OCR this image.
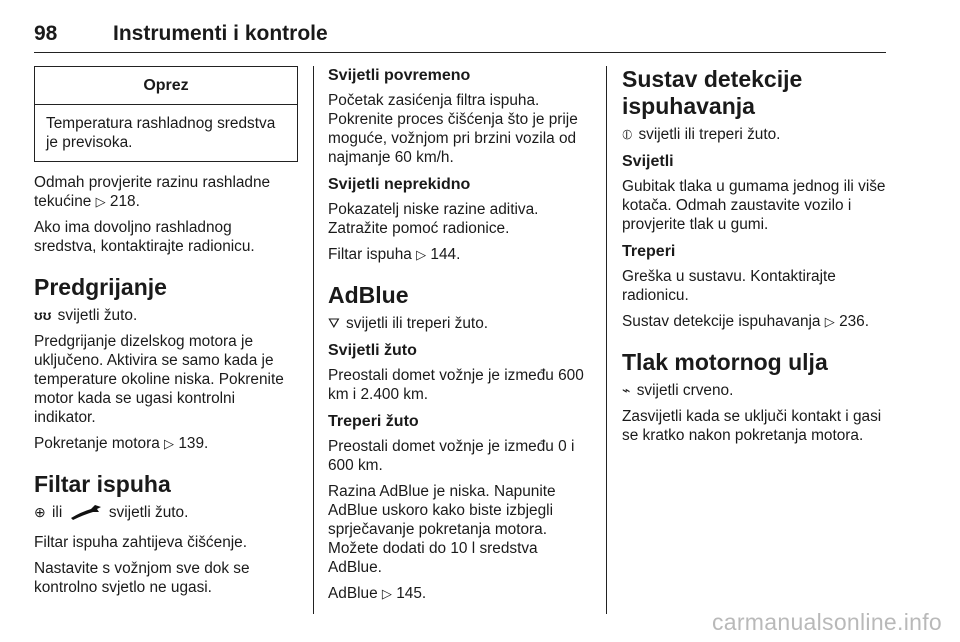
98	Instrumenti i kontrole
Oprez
Temperatura rashladnog sredstva je previsoka.

Odmah provjerite razinu rashladne tekućine ▷ 218.

Ako ima dovoljno rashladnog sredstva, kontaktirajte radionicu.

Predgrijanje

ʊʊ svijetli žuto.

Predgrijanje dizelskog motora je uključeno. Aktivira se samo kada je temperature okoline niska. Pokrenite motor kada se ugasi kontrolni indikator.

Pokretanje motora ▷ 139.

Filtar ispuha

⊕ ili	svijetli žuto.

Filtar ispuha zahtijeva čišćenje.

Nastavite s vožnjom sve dok se kontrolno svjetlo ne ugasi.

Svijetli povremeno

Početak zasićenja filtra ispuha. Pokrenite proces čišćenja što je prije moguće, vožnjom pri brzini vozila od najmanje 60 km/h.

Svijetli neprekidno

Pokazatelj niske razine aditiva. Zatražite pomoć radionice.

Filtar ispuha ▷ 144.

AdBlue

⛛ svijetli ili treperi žuto.

Svijetli žuto

Preostali domet vožnje je između 600 km i 2.400 km.

Treperi žuto

Preostali domet vožnje je između 0 i 600 km.

Razina AdBlue je niska. Napunite AdBlue uskoro kako biste izbjegli sprječavanje pokretanja motora. Možete dodati do 10 l sredstva AdBlue.

AdBlue ▷ 145.

Sustav detekcije ispuhavanja

⦶ svijetli ili treperi žuto.

Svijetli

Gubitak tlaka u gumama jednog ili više kotača. Odmah zaustavite vozilo i provjerite tlak u gumi.

Treperi

Greška u sustavu. Kontaktirajte radionicu.

Sustav detekcije ispuhavanja ▷ 236.

Tlak motornog ulja

⌁ svijetli crveno.

Zasvijetli kada se uključi kontakt i gasi se kratko nakon pokretanja motora.

carmanualsonline.info
